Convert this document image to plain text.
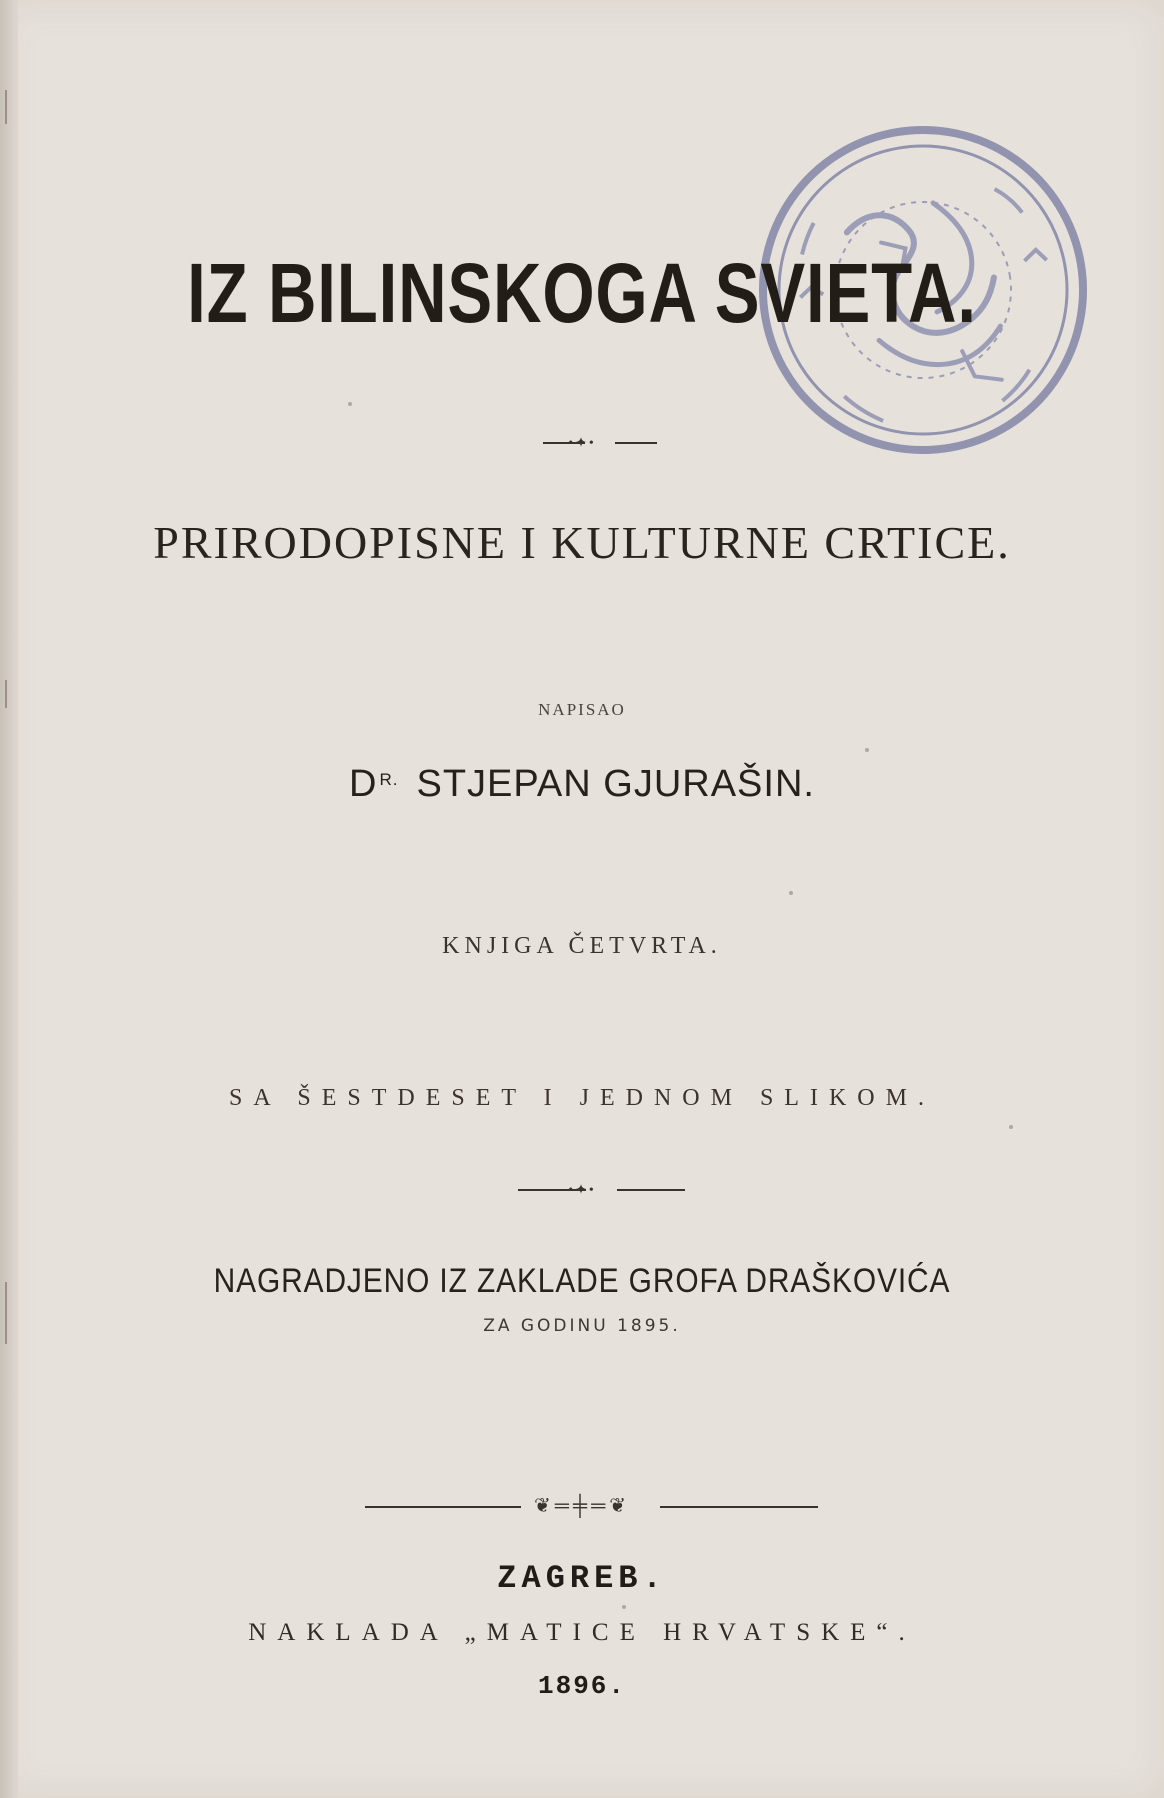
IZ BILINSKOGA SVIETA.
•✦•
PRIRODOPISNE I KULTURNE CRTICE.
NAPISAO
D $^{R.}$ STJEPAN GJURAŠIN.
KNJIGA ČETVRTA.
SA ŠESTDESET I JEDNOM SLIKOM.
•✦•
NAGRADJENO IZ ZAKLADE GROFA DRAŠKOVIĆA
ZA GODINU 1895.
❦═╪═❦
ZAGREB.
NAKLADA „MATICE HRVATSKE“.
1896.
